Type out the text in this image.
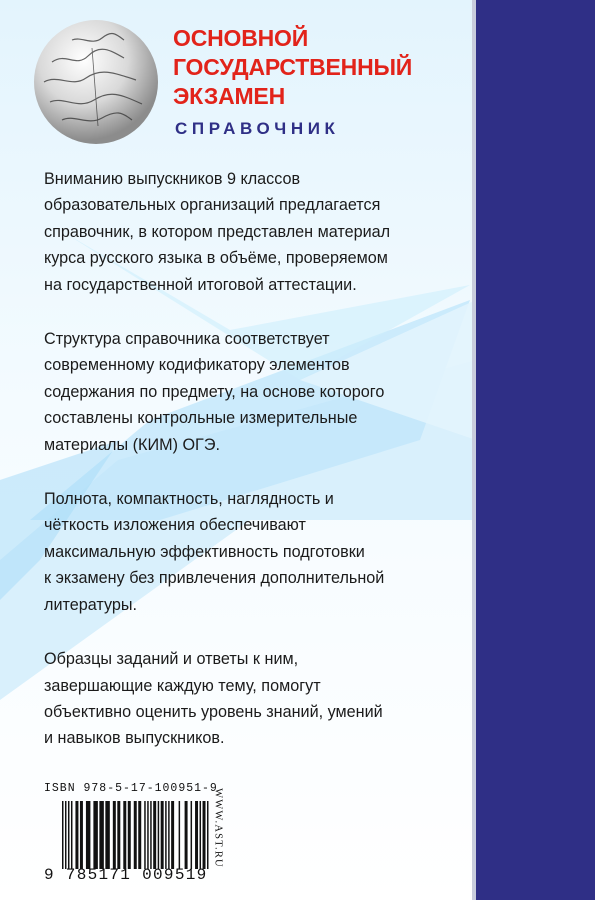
ОСНОВНОЙ
ГОСУДАРСТВЕННЫЙ
ЭКЗАМЕН
СПРАВОЧНИК

Вниманию выпускников 9 классов
образовательных организаций предлагается
справочник, в котором представлен материал
курса русского языка в объёме, проверяемом
на государственной итоговой аттестации.

Структура справочника соответствует
современному кодификатору элементов
содержания по предмету, на основе которого
составлены контрольные измерительные
материалы (КИМ) ОГЭ.

Полнота, компактность, наглядность и
чёткость изложения обеспечивают
максимальную эффективность подготовки
к экзамену без привлечения дополнительной
литературы.

Образцы заданий и ответы к ним,
завершающие каждую тему, помогут
объективно оценить уровень знаний, умений
и навыков выпускников.

ISBN 978-5-17-100951-9
9 785171 009519
WWW.AST.RU
